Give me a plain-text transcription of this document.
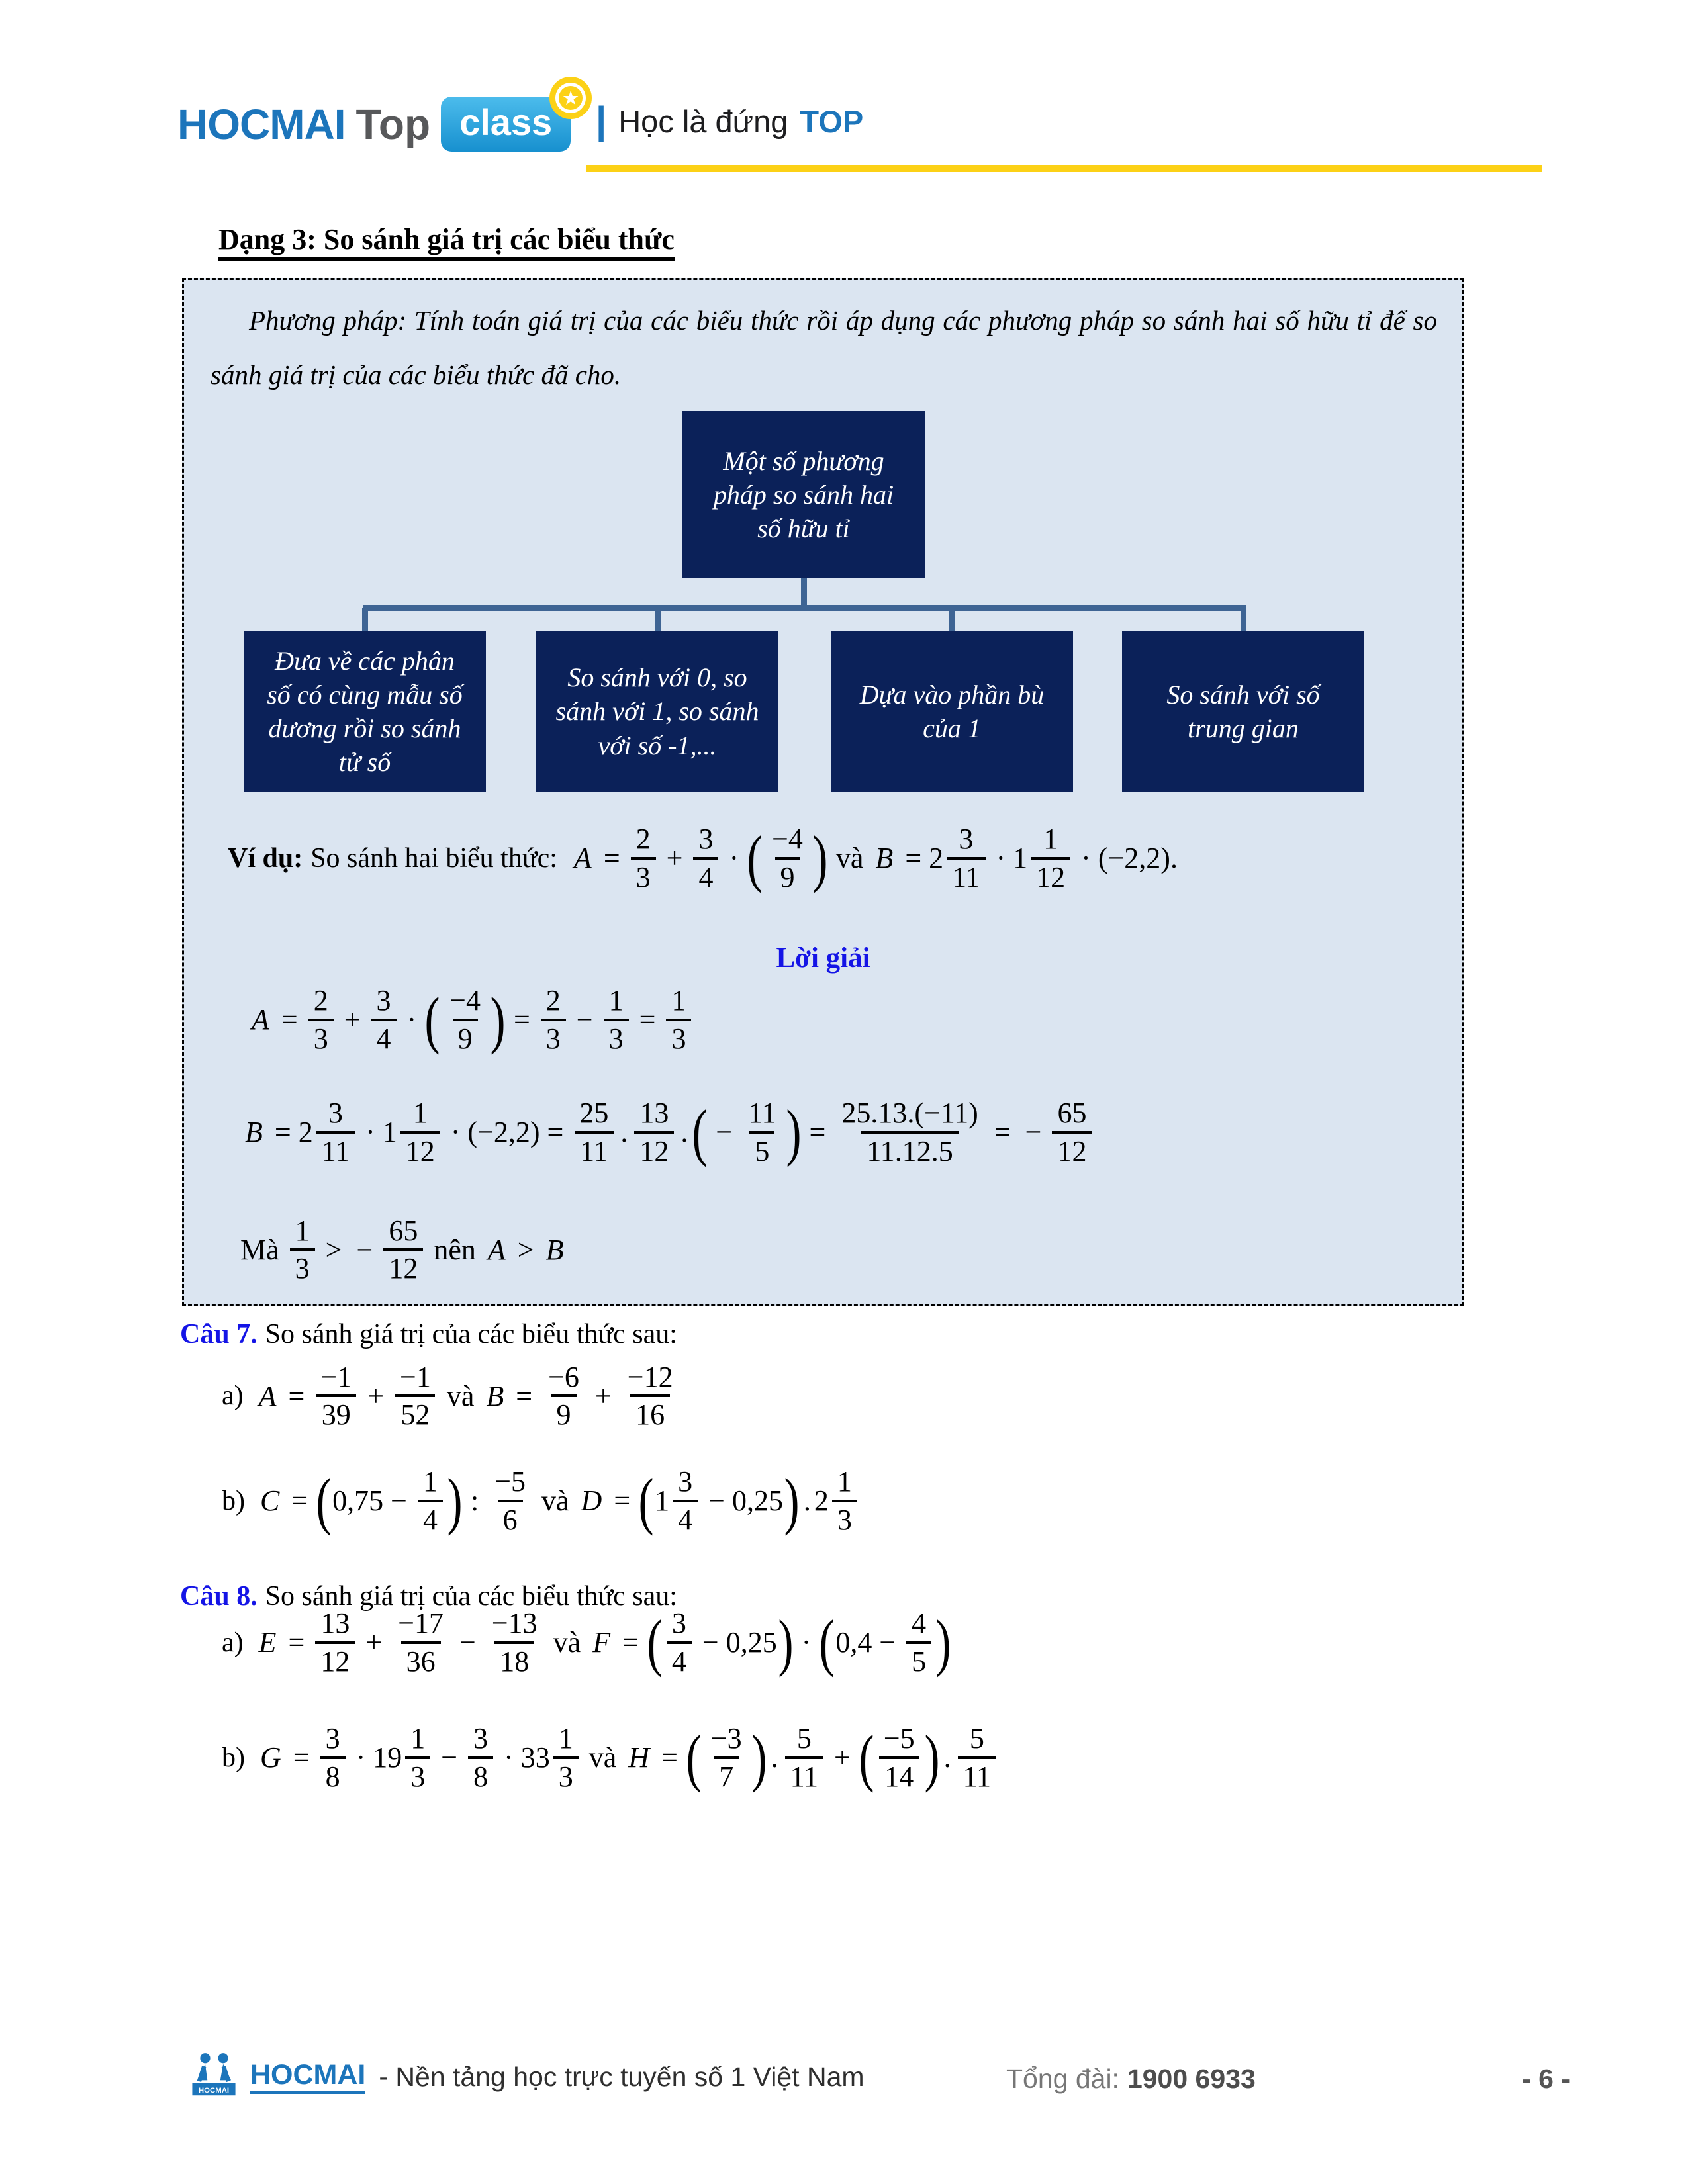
HOCMAI Top class
★
| Học là đứng TOP
Dạng 3: So sánh giá trị các biểu thức
Phương pháp: Tính toán giá trị của các biểu thức rồi áp dụng các phương pháp so sánh hai số hữu tỉ để so sánh giá trị của các biểu thức đã cho.
Một số phương pháp so sánh hai số hữu tỉ
Đưa về các phân số có cùng mẫu số dương rồi so sánh tử số
So sánh với 0, so sánh với 1, so sánh với số -1,...
Dựa vào phần bù của 1
So sánh với số trung gian
Ví dụ: So sánh hai biểu thức: $A = \frac{2}{3} + \frac{3}{4}$ · ( $\frac{-4}{9}$ ) và $B = 2 \frac{3}{11} \cdot 1 \frac{1}{12} \cdot (-2,2)$.
Lời giải
$A = \frac{2}{3} + \frac{3}{4}$ · ( $\frac{-4}{9}$ ) = $\frac{2}{3} - \frac{1}{3} = \frac{1}{3}$
$B = 2 \frac{3}{11} \cdot 1 \frac{1}{12} \cdot (-2,2) = \frac{25}{11}$ . $\frac{13}{12}$ . ( − $\frac{11}{5}$ ) = $\frac{25.13.(-11)}{11.12.5}$ = − $\frac{65}{12}$
Mà $\frac{1}{3}$ > − $\frac{65}{12}$ nên A > B
Câu 7. So sánh giá trị của các biểu thức sau:
a) $A = \frac{-1}{39} + \frac{-1}{52}$ và $B = \frac{-6}{9} + \frac{-12}{16}$
b) C = ( $0,75 - \frac{1}{4}$ ) : $\frac{-5}{6}$ và D = ( $1 \frac{3}{4} - 0,25$ ) . $2 \frac{1}{3}$
Câu 8. So sánh giá trị của các biểu thức sau:
a) $E = \frac{13}{12} + \frac{-17}{36} - \frac{-13}{18}$ và F = ( $\frac{3}{4} - 0,25$ ) · ( $0,4 - \frac{4}{5}$ )
b) $G = \frac{3}{8} \cdot 19 \frac{1}{3} - \frac{3}{8} \cdot 33 \frac{1}{3}$ và H = ( $\frac{-3}{7}$ ) . $\frac{5}{11}$ + ( $\frac{-5}{14}$ ) . $\frac{5}{11}$
HOCMAI HOCMAI - Nền tảng học trực tuyến số 1 Việt Nam	Tổng đài: 1900 6933	- 6 -
